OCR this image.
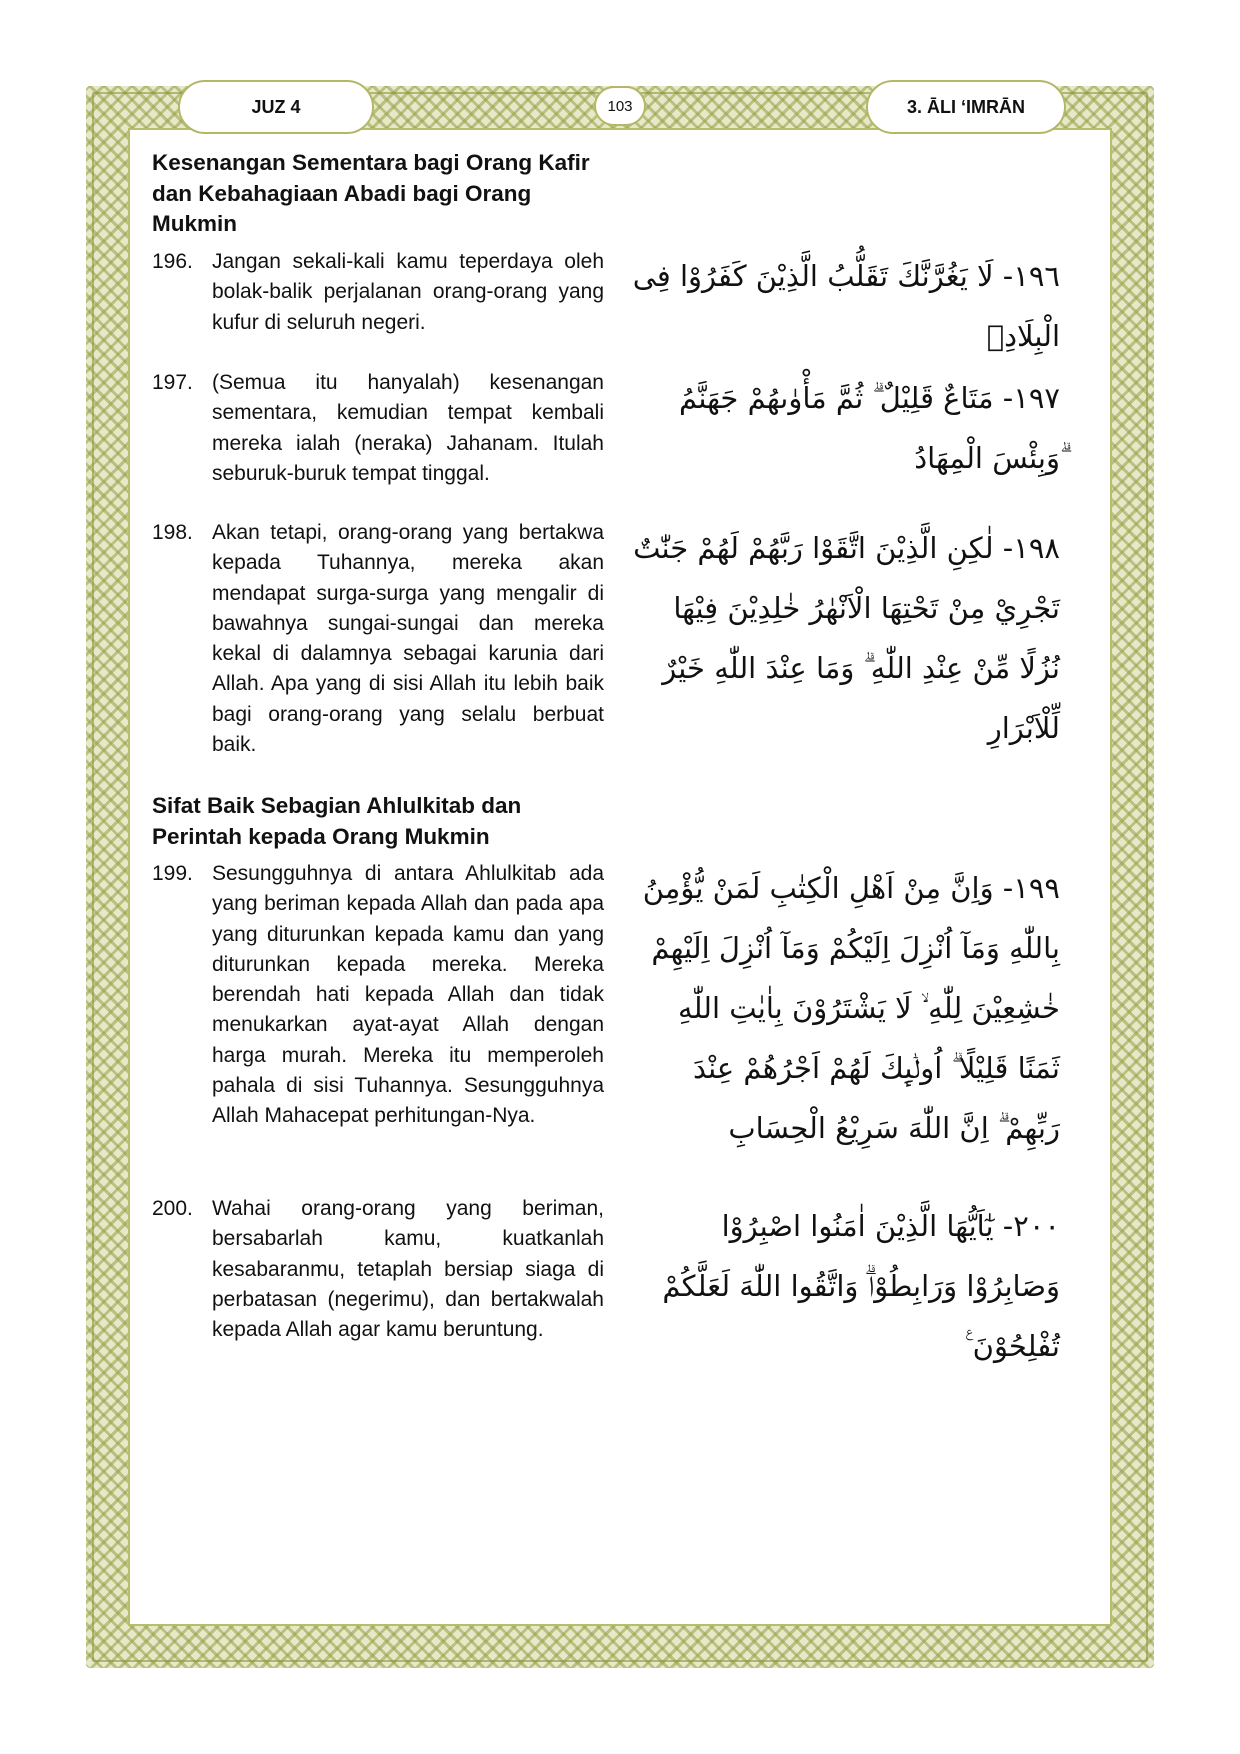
JUZ 4	103	3. ĀLI ‘IMRĀN
Kesenangan Sementara bagi Orang Kafir dan Kebahagiaan Abadi bagi Orang Mukmin
196. Jangan sekali-kali kamu teperdaya oleh bolak-balik perjalanan orang-orang yang kufur di seluruh negeri.
١٩٦- لَا يَغُرَّنَّكَ تَقَلُّبُ الَّذِيْنَ كَفَرُوْا فِى الْبِلَادِۗ
197. (Semua itu hanyalah) kesenangan sementara, kemudian tempat kembali mereka ialah (neraka) Jahanam. Itulah seburuk-buruk tempat tinggal.
١٩٧- مَتَاعٌ قَلِيْلٌ ۗ ثُمَّ مَأْوٰىهُمْ جَهَنَّمُ ۗوَبِئْسَ الْمِهَادُ
198. Akan tetapi, orang-orang yang bertakwa kepada Tuhannya, mereka akan mendapat surga-surga yang mengalir di bawahnya sungai-sungai dan mereka kekal di dalamnya sebagai karunia dari Allah. Apa yang di sisi Allah itu lebih baik bagi orang-orang yang selalu berbuat baik.
١٩٨- لٰكِنِ الَّذِيْنَ اتَّقَوْا رَبَّهُمْ لَهُمْ جَنّٰتٌ تَجْرِيْ مِنْ تَحْتِهَا الْاَنْهٰرُ خٰلِدِيْنَ فِيْهَا نُزُلًا مِّنْ عِنْدِ اللّٰهِ ۗ وَمَا عِنْدَ اللّٰهِ خَيْرٌ لِّلْاَبْرَارِ
Sifat Baik Sebagian Ahlulkitab dan Perintah kepada Orang Mukmin
199. Sesungguhnya di antara Ahlulkitab ada yang beriman kepada Allah dan pada apa yang diturunkan kepada kamu dan yang diturunkan kepada mereka. Mereka berendah hati kepada Allah dan tidak menukarkan ayat-ayat Allah dengan harga murah. Mereka itu memperoleh pahala di sisi Tuhannya. Sesungguhnya Allah Mahacepat perhitungan-Nya.
١٩٩- وَاِنَّ مِنْ اَهْلِ الْكِتٰبِ لَمَنْ يُّؤْمِنُ بِاللّٰهِ وَمَآ اُنْزِلَ اِلَيْكُمْ وَمَآ اُنْزِلَ اِلَيْهِمْ خٰشِعِيْنَ لِلّٰهِ ۙ لَا يَشْتَرُوْنَ بِاٰيٰتِ اللّٰهِ ثَمَنًا قَلِيْلًا ۗ اُولٰۤىِٕكَ لَهُمْ اَجْرُهُمْ عِنْدَ رَبِّهِمْ ۗ اِنَّ اللّٰهَ سَرِيْعُ الْحِسَابِ
200. Wahai orang-orang yang beriman, bersabarlah kamu, kuatkanlah kesabaranmu, tetaplah bersiap siaga di perbatasan (negerimu), dan bertakwalah kepada Allah agar kamu beruntung.
٢٠٠- يٰٓاَيُّهَا الَّذِيْنَ اٰمَنُوا اصْبِرُوْا وَصَابِرُوْا وَرَابِطُوْاۗ وَاتَّقُوا اللّٰهَ لَعَلَّكُمْ تُفْلِحُوْنَ ࣖ
